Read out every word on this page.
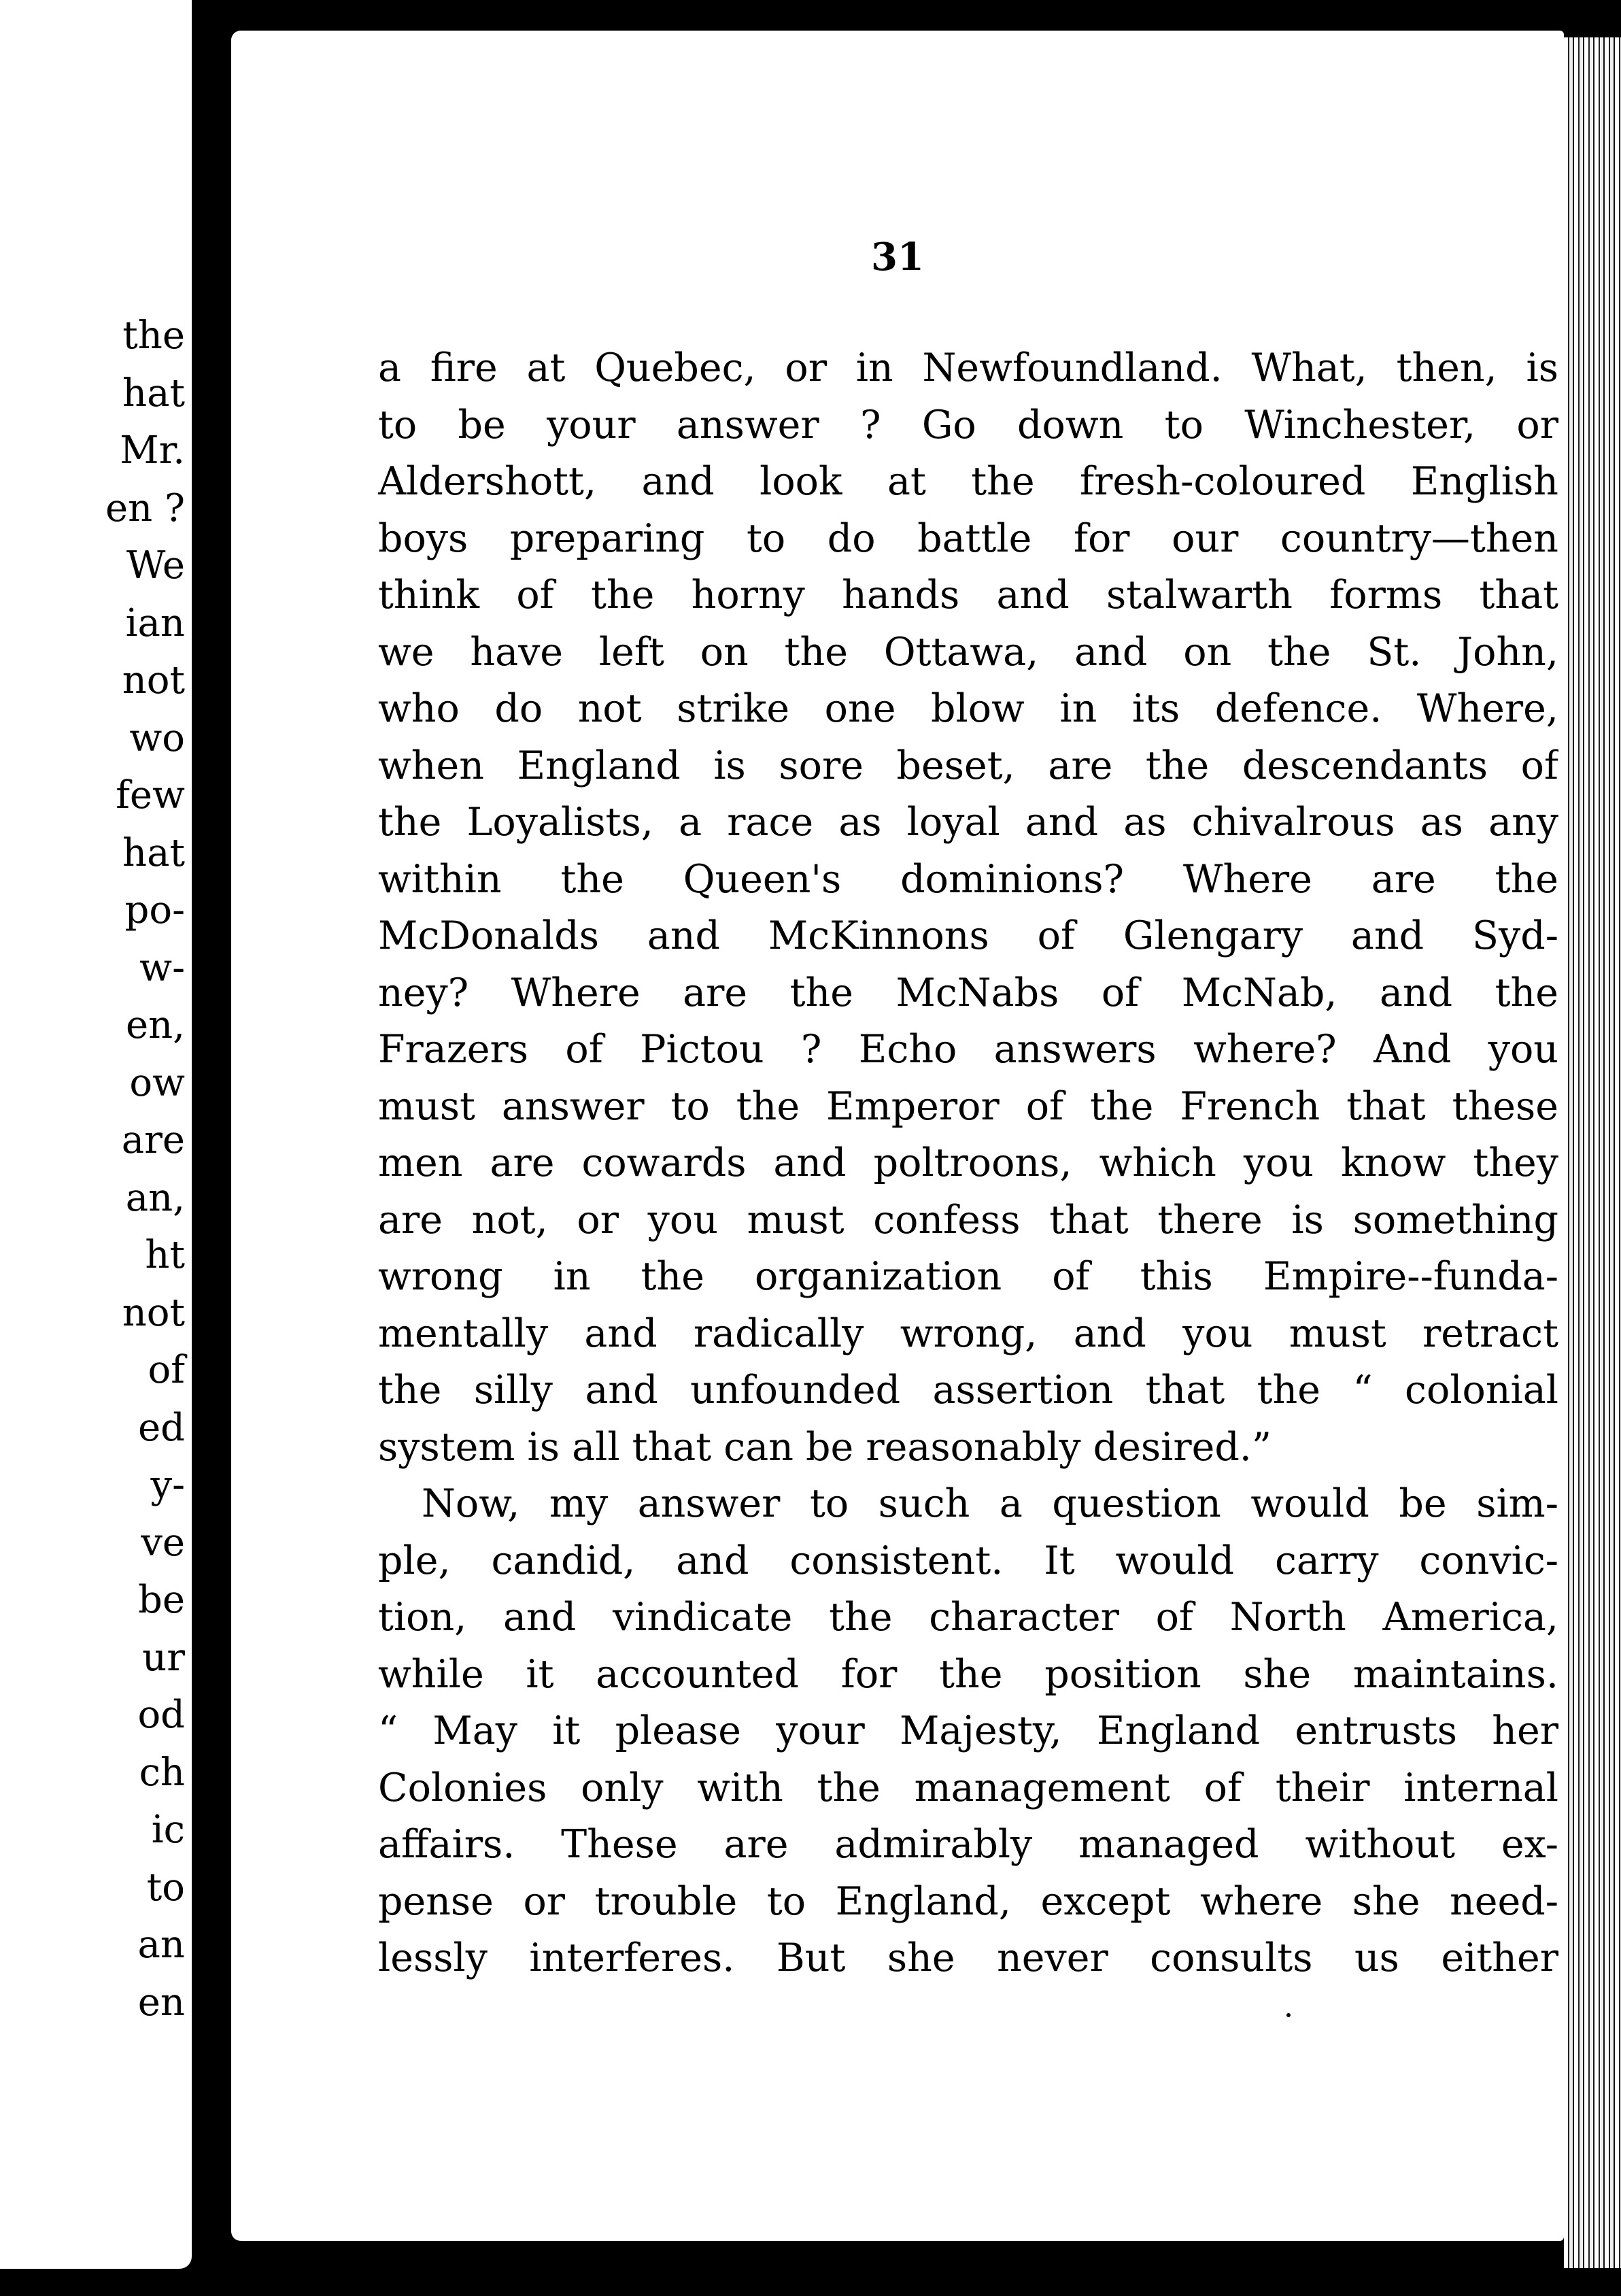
the
hat
Mr.
en ?
We
ian
not
wo
few
hat
po-
w-
en,
ow
are
an,
ht
not
of
ed
y-
ve
be
ur
od
ch
ic
to
an
en
31
a fire at Quebec, or in Newfoundland. What, then, is
to be your answer ? Go down to Winchester, or
Aldershott, and look at the fresh-coloured English
boys preparing to do battle for our country—then
think of the horny hands and stalwarth forms that
we have left on the Ottawa, and on the St. John,
who do not strike one blow in its defence. Where,
when England is sore beset, are the descendants of
the Loyalists, a race as loyal and as chivalrous as any
within the Queen's dominions? Where are the
McDonalds and McKinnons of Glengary and Syd-
ney? Where are the McNabs of McNab, and the
Frazers of Pictou ? Echo answers where? And you
must answer to the Emperor of the French that these
men are cowards and poltroons, which you know they
are not, or you must confess that there is something
wrong in the organization of this Empire--funda-
mentally and radically wrong, and you must retract
the silly and unfounded assertion that the “ colonial
system is all that can be reasonably desired.”
Now, my answer to such a question would be sim-
ple, candid, and consistent. It would carry convic-
tion, and vindicate the character of North America,
while it accounted for the position she maintains.
“ May it please your Majesty, England entrusts her
Colonies only with the management of their internal
affairs. These are admirably managed without ex-
pense or trouble to England, except where she need-
lessly interferes. But she never consults us either
